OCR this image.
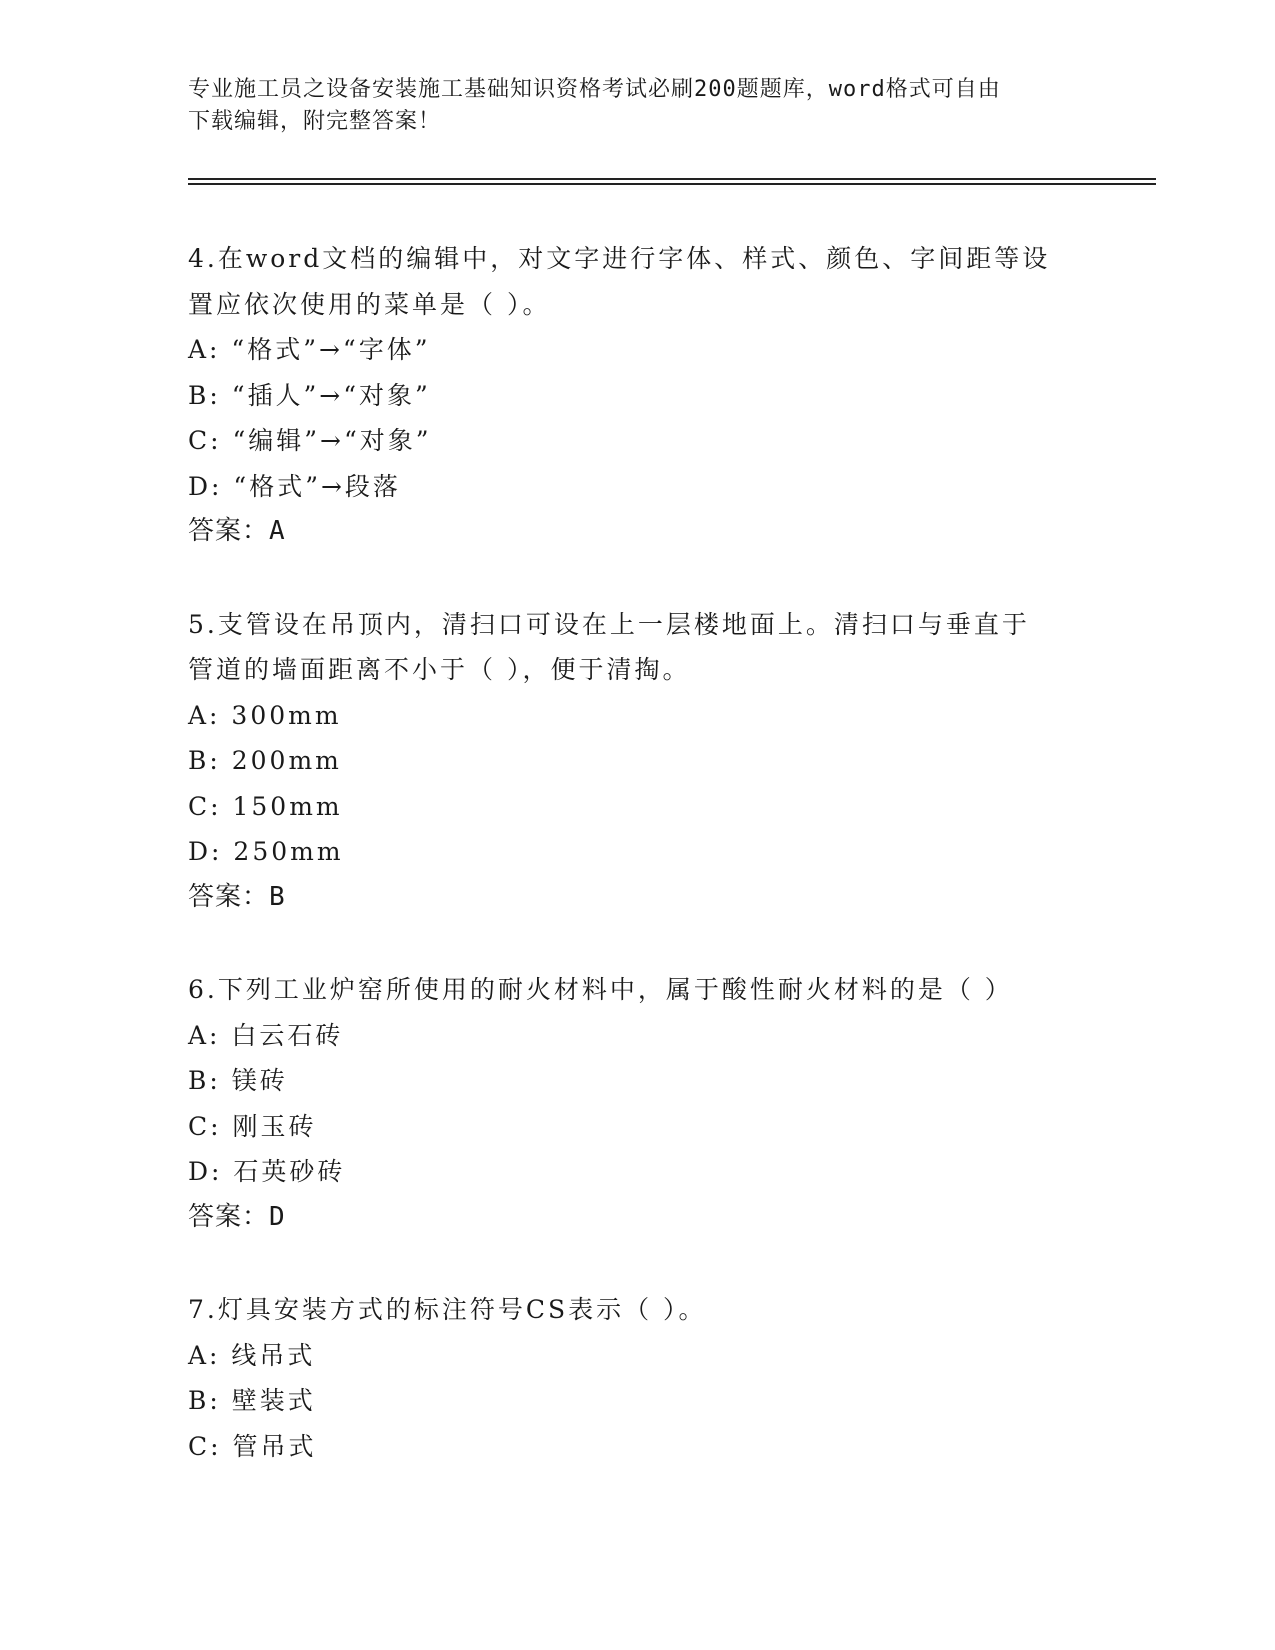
专业施工员之设备安装施工基础知识资格考试必刷200题题库，word格式可自由
下载编辑，附完整答案！

4.在word文档的编辑中，对文字进行字体、样式、颜色、字间距等设

置应依次使用的菜单是（ ）。

A: “格式”→“字体”

B: “插人”→“对象”

C: “编辑”→“对象”

D: “格式”→段落

答案：A

5.支管设在吊顶内，清扫口可设在上一层楼地面上。清扫口与垂直于

管道的墙面距离不小于（ ），便于清掏。

A: 300mm

B: 200mm

C: 150mm

D: 250mm

答案：B

6.下列工业炉窑所使用的耐火材料中，属于酸性耐火材料的是（ ）

A: 白云石砖

B: 镁砖

C: 刚玉砖

D: 石英砂砖

答案：D

7.灯具安装方式的标注符号CS表示（ ）。

A: 线吊式

B: 壁装式

C: 管吊式
